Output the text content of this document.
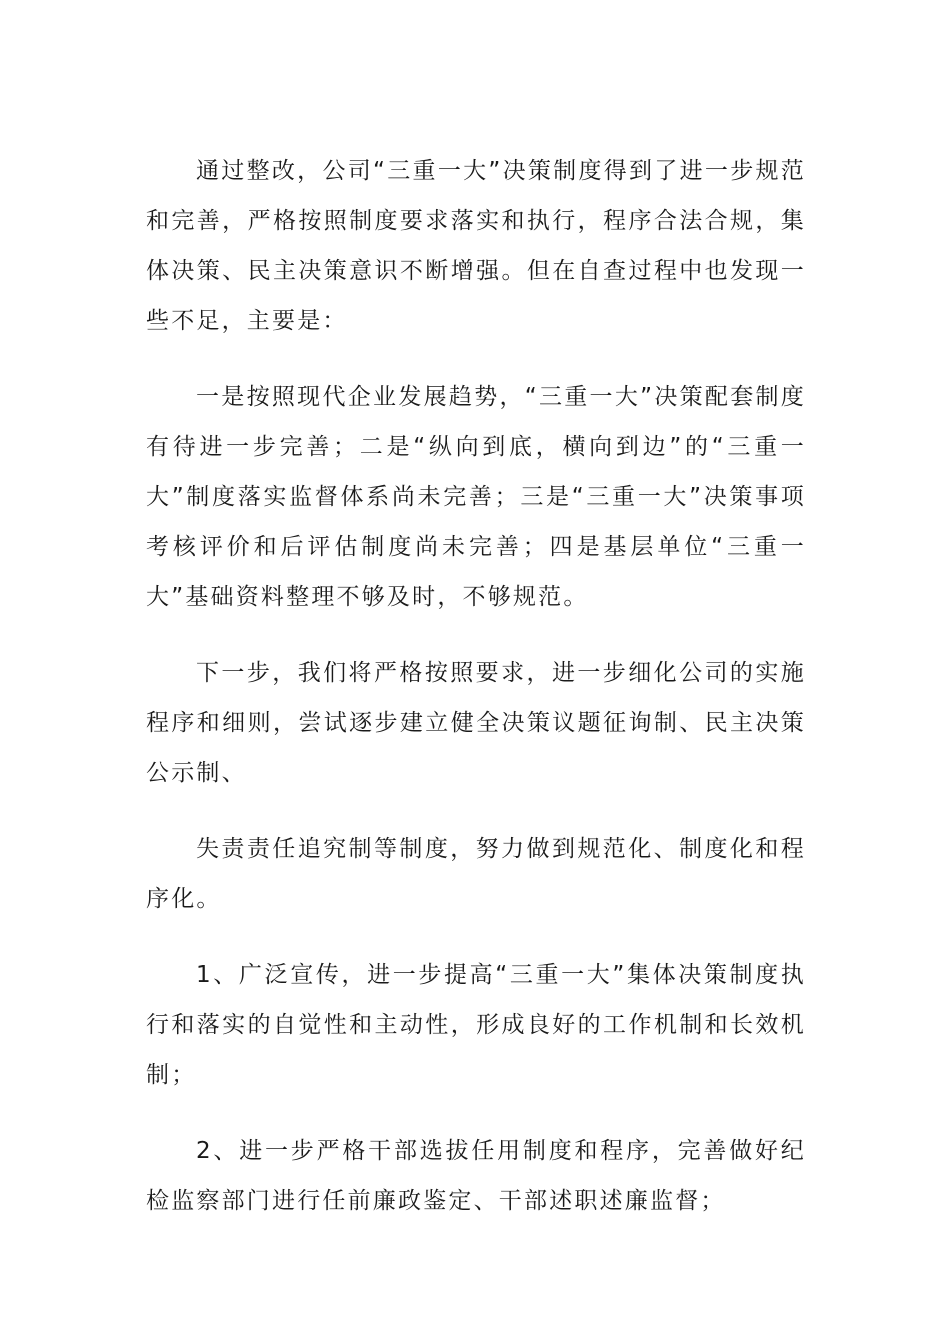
通过整改，公司“三重一大”决策制度得到了进一步规范和完善，严格按照制度要求落实和执行，程序合法合规，集体决策、民主决策意识不断增强。但在自查过程中也发现一些不足，主要是：

一是按照现代企业发展趋势，“三重一大”决策配套制度有待进一步完善；二是“纵向到底，横向到边”的“三重一大”制度落实监督体系尚未完善；三是“三重一大”决策事项考核评价和后评估制度尚未完善；四是基层单位“三重一大”基础资料整理不够及时，不够规范。

下一步，我们将严格按照要求，进一步细化公司的实施程序和细则，尝试逐步建立健全决策议题征询制、民主决策公示制、

失责责任追究制等制度，努力做到规范化、制度化和程序化。

1、广泛宣传，进一步提高“三重一大”集体决策制度执行和落实的自觉性和主动性，形成良好的工作机制和长效机制；

2、进一步严格干部选拔任用制度和程序，完善做好纪检监察部门进行任前廉政鉴定、干部述职述廉监督；
